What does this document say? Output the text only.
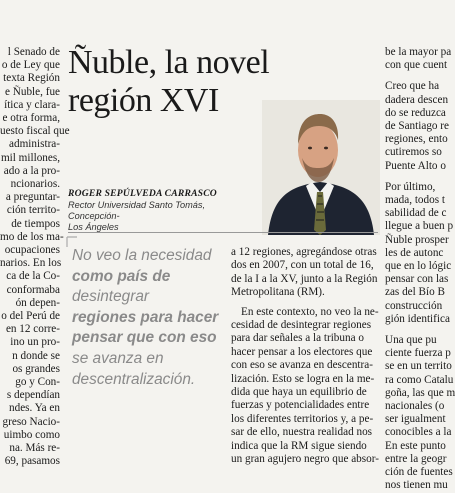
l Senado de

o de Ley que

texta Región

e Ñuble, fue

ítica y clara-

e otra forma,

uesto fiscal que

administra-

mil millones,

ado a la pro-

ncionarios.

a preguntar-

ción territo-

de tiempos

mo de los ma-

ocupaciones

narios. En los

ca de la Co-

conformaba

ón depen-

o del Perú de

en 12 corre-

ino un pro-

n donde se

os grandes

go y Con-

s dependían

ndes. Ya en

greso Nacio-

uimbo como

na. Más re-

69, pasamos

Ñuble, la novel
región XVI
ROGER SEPÚLVEDA CARRASCO
Rector Universidad Santo Tomás, Concepción-
Los Ángeles
No veo la necesidad
como país de
desintegrar
regiones para hacer
pensar que con eso
se avanza en
descentralización.

a 12 regiones, agregándose otras

dos en 2007, con un total de 16,

de la I a la XV, junto a la Región

Metropolitana (RM).

En este contexto, no veo la ne-

cesidad de desintegrar regiones

para dar señales a la tribuna o

hacer pensar a los electores que

con eso se avanza en descentra-

lización. Esto se logra en la me-

dida que haya un equilibrio de

fuerzas y potencialidades entre

los diferentes territorios y, a pe-

sar de ello, nuestra realidad nos

indica que la RM sigue siendo

un gran agujero negro que absor-

be la mayor pa

con que cuent

Creo que ha

dadera descen

do se reduzca

de Santiago re

regiones, ento

cutiremos so

Puente Alto o

Por último,

mada, todos t

sabilidad de c

llegue a buen p

Ñuble prosper

les de autonc

que en lo lógic

pensar con las

zas del Bío B

construcción

gión identifica

Una que pu

ciente fuerza p

se en un territo

ra como Catalu

goña, las que m

nacionales (o

ser igualment

conocibles a la

En este punto

entre la geogr

ción de fuentes

nos tienen mu
